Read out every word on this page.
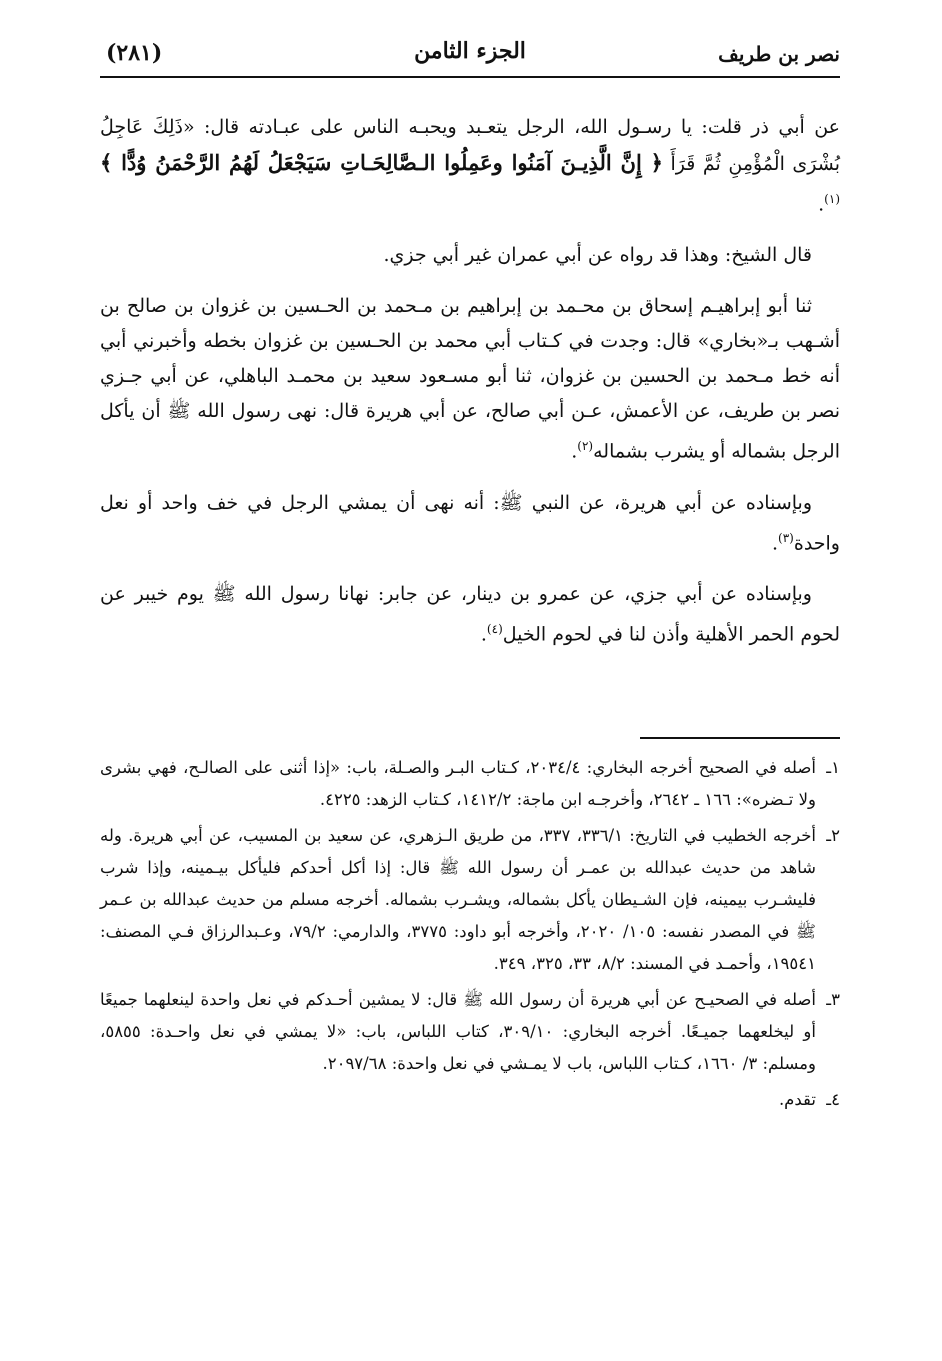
نصر بن طريف
الجزء الثامن
(٢٨١)

عن أبي ذر قلت: يا رسـول الله، الرجل يتعـبد ويحبـه الناس على عبـادته قال: «ذَلِكَ عَاجِلُ بُشْرَى الْمُؤْمِنِ ثُمَّ قَرَأَ ﴿ إِنَّ الَّذِيـنَ آمَنُوا وعَمِلُوا الـصَّالِحَـاتِ سَيَجْعَلُ لَهُمُ الرَّحْمَنُ وُدًّا ﴾$^{(١)}$.

قال الشيخ: وهذا قد رواه عن أبي عمران غير أبي جزي.

ثنا أبو إبراهيـم إسحاق بن محـمد بن إبراهيم بن مـحمد بن الحـسين بن غزوان بن صالح بن أشـهب بـ«بخاري» قال: وجدت في كـتاب أبي محمد بن الحـسين بن غزوان بخطه وأخبرني أبي أنه خط مـحمد بن الحسين بن غزوان، ثنا أبو مسـعود سعيد بن محمـد الباهلي، عن أبي جـزي نصر بن طريف، عن الأعمش، عـن أبي صالح، عن أبي هريرة قال: نهى رسول الله ﷺ أن يأكل الرجل بشماله أو يشرب بشماله$^{(٢)}$.

وبإسناده عن أبي هريرة، عن النبي ﷺ: أنه نهى أن يمشي الرجل في خف واحد أو نعل واحدة$^{(٣)}$.

وبإسناده عن أبي جزي، عن عمرو بن دينار، عن جابر: نهانا رسول الله ﷺ يوم خيبر عن لحوم الحمر الأهلية وأذن لنا في لحوم الخيل$^{(٤)}$.

١ـ
أصله في الصحيح أخرجه البخاري: ٢٠٣٤/٤، كـتاب البـر والصـلة، باب: «إذا أثنى على الصالـح، فهي بشرى ولا تـضره»: ١٦٦ ـ ٢٦٤٢، وأخرجـه ابن ماجة: ١٤١٢/٢، كـتاب الزهد: ٤٢٢٥.

٢ـ
أخرجه الخطيب في التاريخ: ٣٣٦/١، ٣٣٧، من طريق الـزهري، عن سعيد بن المسيب، عن أبي هريرة. وله شاهد من حديث عبدالله بن عمـر أن رسول الله ﷺ قال: إذا أكل أحدكم فليأكل بيـمينه، وإذا شرب فليشـرب بيمينه، فإن الشـيطان يأكل بشماله، ويشـرب بشماله. أخرجه مسلم من حديث عبدالله بن عـمر ﷺ في المصدر نفسه: ١٠٥/ ٢٠٢٠، وأخرجه أبو داود: ٣٧٧٥، والدارمي: ٧٩/٢، وعـبدالرزاق فـي المصنف: ١٩٥٤١، وأحمـد في المسند: ٨/٢، ٣٣، ٣٢٥، ٣٤٩.

٣ـ
أصله في الصحيـح عن أبي هريرة أن رسول الله ﷺ قال: لا يمشين أحـدكم في نعل واحدة لينعلهما جميعًا أو ليخلعهما جميـعًا. أخرجه البخاري: ٣٠٩/١٠، كتاب اللباس، باب: «لا يمشي في نعل واحـدة: ٥٨٥٥، ومسلم: ٣/ ١٦٦٠، كـتاب اللباس، باب لا يمـشي في نعل واحدة: ٢٠٩٧/٦٨.

٤ـ
تقدم.
